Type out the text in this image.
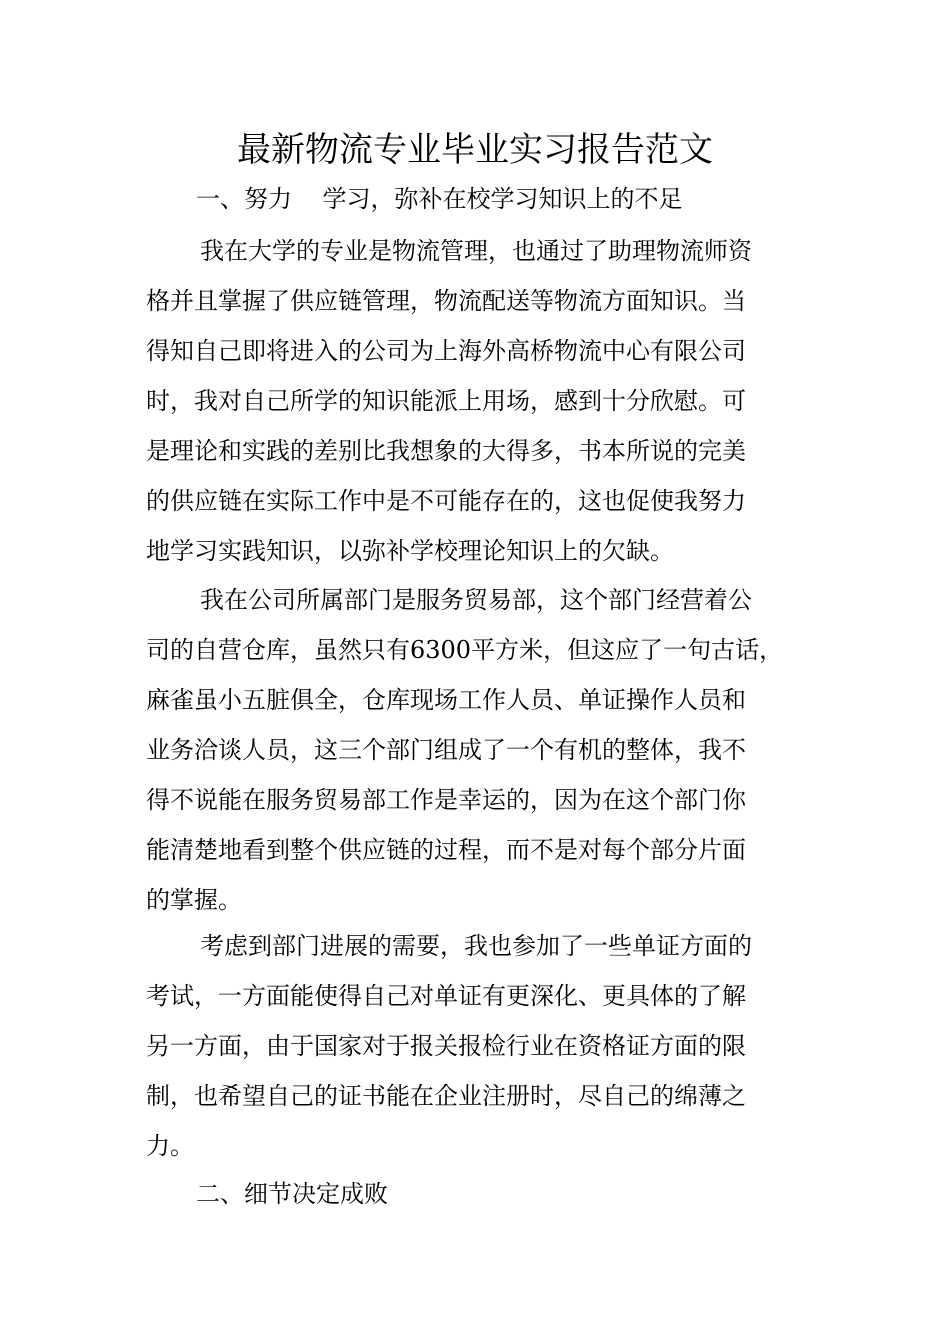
最新物流专业毕业实习报告范文

一、努力    学习，弥补在校学习知识上的不足

我在大学的专业是物流管理，也通过了助理物流师资
格并且掌握了供应链管理，物流配送等物流方面知识。当
得知自己即将进入的公司为上海外高桥物流中心有限公司
时，我对自己所学的知识能派上用场，感到十分欣慰。可
是理论和实践的差别比我想象的大得多，书本所说的完美
的供应链在实际工作中是不可能存在的，这也促使我努力
地学习实践知识，以弥补学校理论知识上的欠缺。
我在公司所属部门是服务贸易部，这个部门经营着公
司的自营仓库，虽然只有6300平方米，但这应了一句古话，
麻雀虽小五脏俱全，仓库现场工作人员、单证操作人员和
业务洽谈人员，这三个部门组成了一个有机的整体，我不
得不说能在服务贸易部工作是幸运的，因为在这个部门你
能清楚地看到整个供应链的过程，而不是对每个部分片面
的掌握。
考虑到部门进展的需要，我也参加了一些单证方面的
考试，一方面能使得自己对单证有更深化、更具体的了解
另一方面，由于国家对于报关报检行业在资格证方面的限
制，也希望自己的证书能在企业注册时，尽自己的绵薄之
力。

二、细节决定成败
